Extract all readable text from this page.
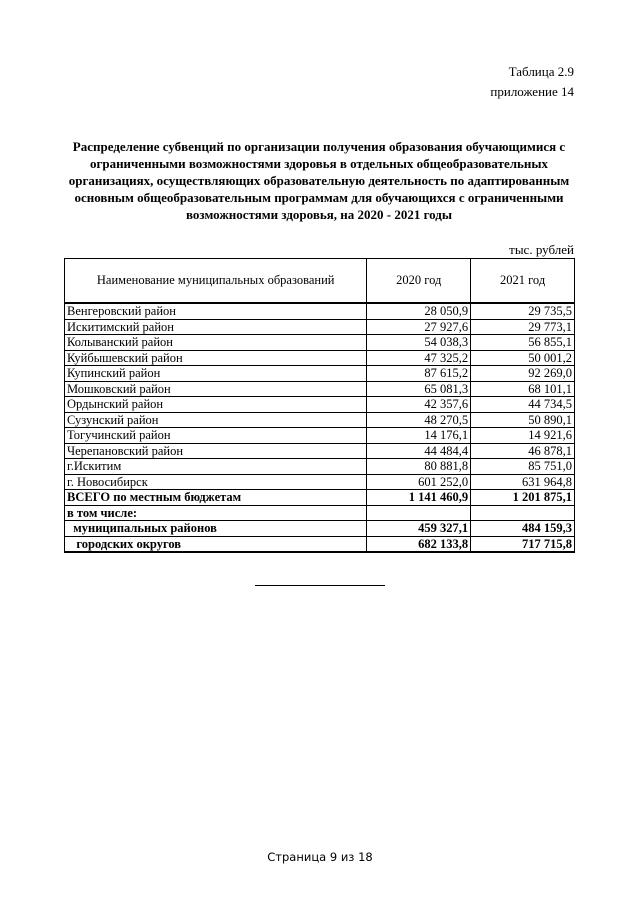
Таблица 2.9
приложение 14
Распределение субвенций по организации получения образования обучающимися с
ограниченными возможностями здоровья в отдельных общеобразовательных
организациях, осуществляющих образовательную деятельность по адаптированным
основным общеобразовательным программам для обучающихся с ограниченными
возможностями здоровья, на 2020 - 2021 годы
тыс. рублей
Наименование муниципальных образований	2020 год	2021 год
Венгеровский район	28 050,9	29 735,5
Искитимский район	27 927,6	29 773,1
Колыванский район	54 038,3	56 855,1
Куйбышевский район	47 325,2	50 001,2
Купинский район	87 615,2	92 269,0
Мошковский район	65 081,3	68 101,1
Ордынский район	42 357,6	44 734,5
Сузунский район	48 270,5	50 890,1
Тогучинский район	14 176,1	14 921,6
Черепановский район	44 484,4	46 878,1
г.Искитим	80 881,8	85 751,0
г. Новосибирск	601 252,0	631 964,8
ВСЕГО по местным бюджетам	1 141 460,9	1 201 875,1
в том числе:		
муниципальных районов	459 327,1	484 159,3
городских округов	682 133,8	717 715,8
Страница 9 из 18
